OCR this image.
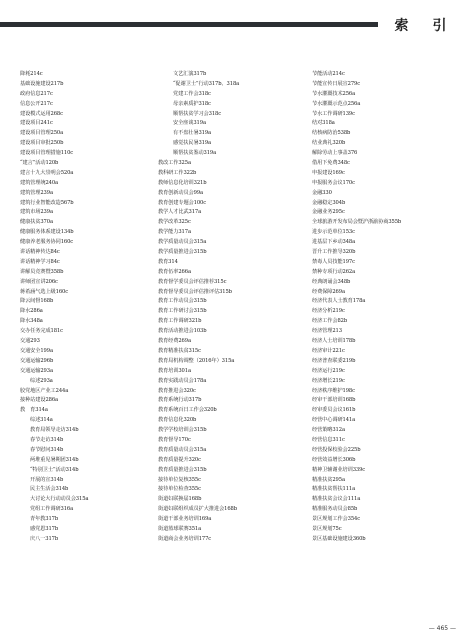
索　引
降耗214c
基础设施建设217b
政府信息217c
信息公开217c
建设模式运用268c
建设项目241c
建设项目管理250a
建设项目审批250b
建设项目管理措施110c
“建言”活动120b
建言十九大崇明会520a
建筑管理统240a
建筑管理239a
建筑行业智能改造567b
建筑市场239a
健康扶贫370a
健康服务体系建设134b
健康养老服务协同160c
讲话精神传达84c
讲话精神学习84c
讲解员竞赛暨358b
讲师团宣讲206c
蒋希涵气选上级160c
降云间督168b
降水286a
降水348a
交办任务完成181c
交通293
交通安全199a
交通运输296b
交通运输293a
综述293a
胶党地区产业工244a
接种站建设286a
教　育314a
综述314a
教育局领导走访314b
春节走访314b
春节慰问314b
两堆重见暑期团314b
“特别卫士”活动314b
开展的宣314b
民主生活会314b
大讨论大行动动员会315a
党组工作调研316a
青年教317b
感党恩317b
庆八一317b
文艺汇演317b
“促谢卫士”行动317b、318a
党建工作会318c
母亲素质护318c
顺帮扶贫学习会318c
安全座谈319a
有不盘壮暑319a
感觉扶民暑319a
顺帮扶贫鉴动319a
教改工作325a
教科研工作322b
教师信息化培训321b
教育创新动员会99a
教育创建专题会100c
教学人才比武317a
教学改革325c
教学能力317a
教学质量动员会315a
教学质量推进会315b
教育314
教育伍率266a
教育督学委员会评估推荐315c
教育督导委员会评估推评估315b
教育工作动员会315b
教育工作研讨会315b
教育工作调研321b
教育活动推进会103b
教育经费269a
教育精准扶贫315c
教育局机构调整（2016年）315a
教育培训301a
教育实践动员会178a
教育推进会320c
教育系统行动317b
教育系统百日工作会320b
教育信息化320b
教学学校培训会315b
教育督导170c
教育质量动员会315a
教育质量提升320c
教育质量推进会315b
接待单位复核355c
接待单位检查355c
街道妇联换届168b
街道妇联组织成员扩大推进会168b
街道干部业务培训169a
街道篮球联赛351a
街道商会业务培训177c
节能活动214c
节能宣传日展宣279c
节水灌溉技术256a
节水灌溉示范点256a
节水工作调研139c
结对318a
结核病防治538b
结业典礼320b
解除劳动上事盖376
借用下免费348c
申报建设169c
申报服务会议170c
金融330
金融稳定304b
金融业务295c
全球旅游开发布局会暨沪浙渝协商355b
进步示范单位153c
进基层下乡动348a
晋升工作推导320b
禁毒人员技能197c
禁种专项行动262a
经典朗诵会348b
经费保障269a
经济代表人士教育178a
经济分析219c
经济工作会82b
经济管理213
经济人士培训178b
经济审计221c
经济普查联委219b
经济运行219c
经济增长219c
经济秩序维护198c
经审干部培训168b
经审委员会议161b
经营中心调研141a
经营策略312a
经营信息311c
经营投保校验会225b
经营效益增长306b
精神卫辅谢业培训339c
精准扶贫295a
精准扶贫帮扶111a
精准扶贫会议会111a
精准服务动员会85b
景区规划工作会354c
景区规划75c
景区基础设施建设360b
— 465 —
